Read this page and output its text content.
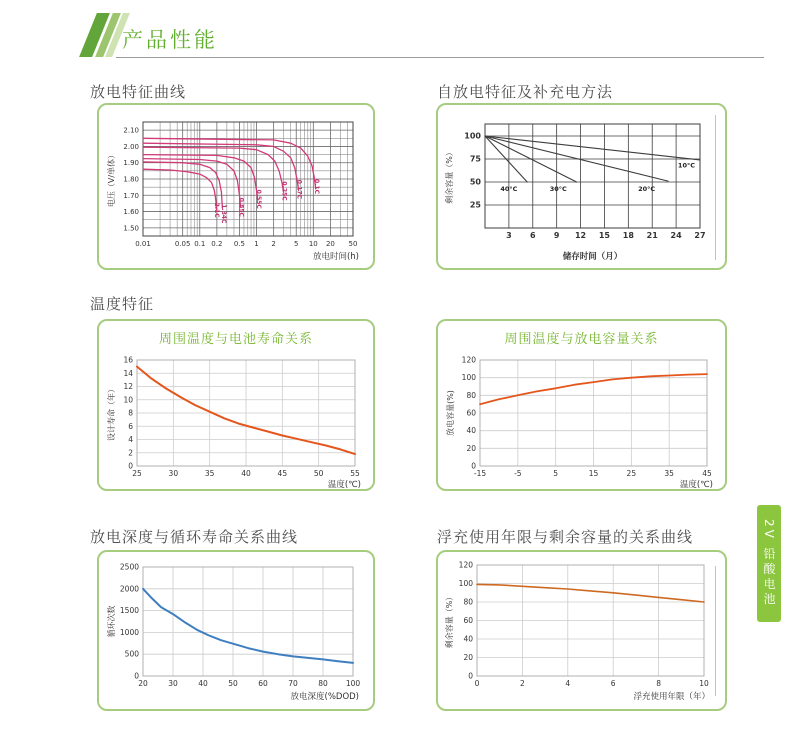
产品性能
放电特征曲线
0.01	0.05 0.1 0.2 0.5 1 2	5 10 20 50
1.50
1.60
1.70
1.80
1.90
2.00
2.10
2.1C 1.34C 0.85C 0.55C	0.25C 0.17C 0.1C
电压（V/单体）
放电时间(h)
自放电特征及补充电方法
3 6 9 12 15 18 21 24 27
25
50
75
100
40°C	30°C	20°C
10°C
剩余容量（%）
储存时间（月）
温度特征
周围温度与电池寿命关系
25	30	35	40	45	50	55
0
2
4
6
8
10
12
14
16
设计寿命（年）
温度(℃)
周围温度与放电容量关系
-15	-5	5	15	25	35	45
0
20
40
60
80
100
120
放电容量(%)
温度(℃)
放电深度与循环寿命关系曲线
20	30	40	50	60	70	80 100
0
500
1000
1500
2000
2500
循环次数
放电深度(%DOD)
浮充使用年限与剩余容量的关系曲线
0	2	4	6	8	10
0
20
40
60
80
100
120
剩余容量（%）
浮充使用年限（年）
2V 铅酸电池
